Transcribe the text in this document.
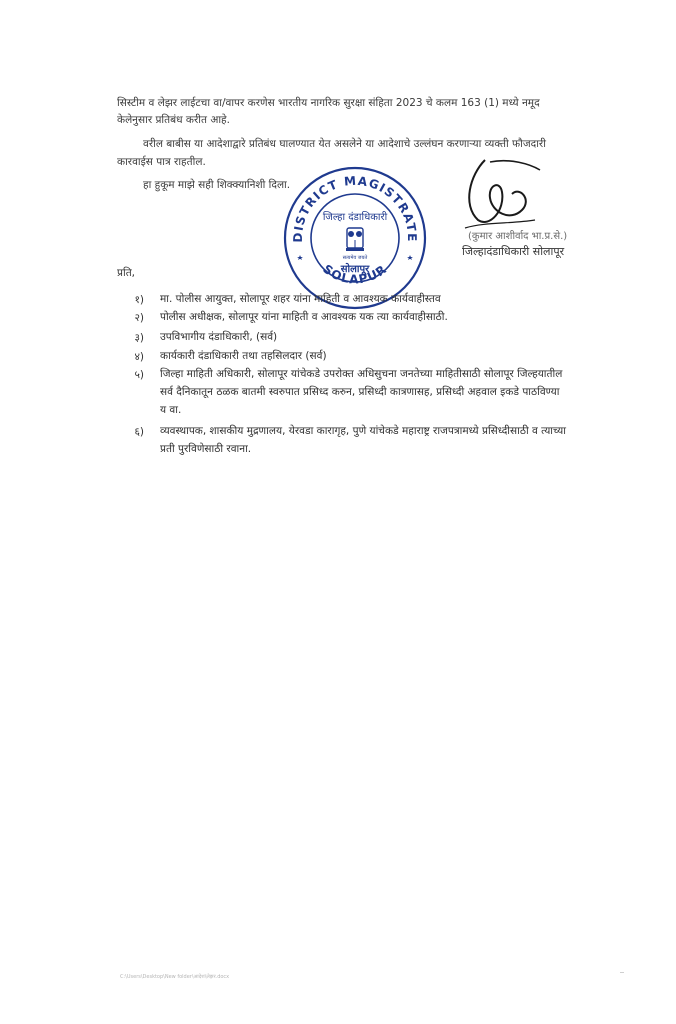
सिस्टीम व लेझर लाईटचा वा/वापर करणेस भारतीय नागरिक सुरक्षा संहिता 2023 चे कलम 163 (1) मध्ये नमूद
केलेनुसार प्रतिबंध करीत आहे.
वरील बाबीस या आदेशाद्वारे प्रतिबंध घालण्यात येत असलेने या आदेशाचे उल्लंघन करणाऱ्या व्यक्ती फौजदारी
कारवाईस पात्र राहतील.
हा हुकूम माझे सही शिक्क्यानिशी दिला.
DISTRICT MAGISTRATE
SOLAPUR
जिल्हा दंडाधिकारी
सत्यमेव जयते
सोलापूर
(कुमार आशीर्वाद भा.प्र.से.)
जिल्हादंडाधिकारी सोलापूर
प्रति,
१) मा. पोलीस आयुक्त, सोलापूर शहर यांना माहिती व आवश्यक कार्यवाहीस्तव
२) पोलीस अधीक्षक, सोलापूर यांना माहिती व आवश्यक यक त्या कार्यवाहीसाठी.
३) उपविभागीय दंडाधिकारी, (सर्व)
४) कार्यकारी दंडाधिकारी तथा तहसिलदार (सर्व)
५) जिल्हा माहिती अधिकारी, सोलापूर यांचेकडे उपरोक्त अधिसुचना जनतेच्या माहितीसाठी सोलापूर जिल्हयातील
सर्व दैनिकातून ठळक बातमी स्वरुपात प्रसिध्द करुन, प्रसिध्दी कात्रणासह, प्रसिध्दी अहवाल इकडे पाठविण्या
य वा.
६) व्यवस्थापक, शासकीय मुद्रणालय, येरवडा कारागृह, पुणे यांचेकडे महाराष्ट्र राजपत्रामध्ये प्रसिध्दीसाठी व त्याच्या
प्रती पुरविणेसाठी रवाना.
C:\Users\Desktop\New folder\आदेश\लेझर.docx
